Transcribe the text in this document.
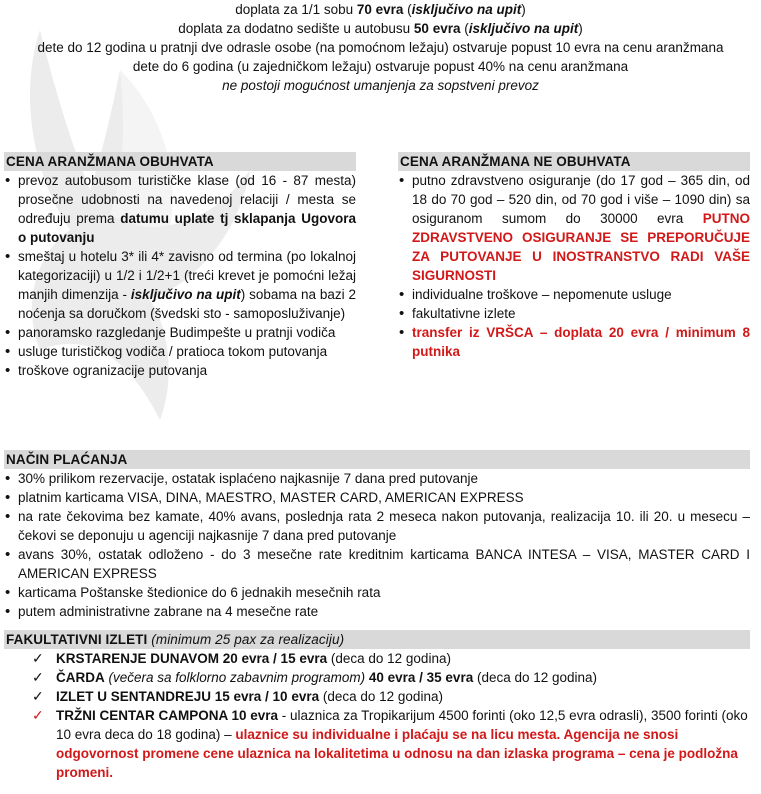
doplata za 1/1 sobu 70 evra (isključivo na upit)

doplata za dodatno sedište u autobusu 50 evra (isključivo na upit)

dete do 12 godina u pratnji dve odrasle osobe (na pomoćnom ležaju) ostvaruje popust 10 evra na cenu aranžmana

dete do 6 godina (u zajedničkom ležaju) ostvaruje popust 40% na cenu aranžmana

ne postoji mogućnost umanjenja za sopstveni prevoz

CENA ARANŽMANA OBUHVATA
• prevoz autobusom turističke klase (od 16 - 87 mesta) prosečne udobnosti na navedenoj relaciji / mesta se određuju prema datumu uplate tj sklapanja Ugovora o putovanju
• smeštaj u hotelu 3* ili 4* zavisno od termina (po lokalnoj kategorizaciji) u 1/2 i 1/2+1 (treći krevet je pomoćni ležaj manjih dimenzija - isključivo na upit) sobama na bazi 2 noćenja sa doručkom (švedski sto - samoposluživanje)
• panoramsko razgledanje Budimpešte u pratnji vodiča
• usluge turističkog vodiča / pratioca tokom putovanja
• troškove ogranizacije putovanja
CENA ARANŽMANA NE OBUHVATA
• putno zdravstveno osiguranje (do 17 god – 365 din, od 18 do 70 god – 520 din, od 70 god i više – 1090 din) sa osiguranom sumom do 30000 evra PUTNO ZDRAVSTVENO OSIGURANJE SE PREPORUČUJE ZA PUTOVANJE U INOSTRANSTVO RADI VAŠE SIGURNOSTI
• individualne troškove – nepomenute usluge
• fakultativne izlete
• transfer iz VRŠCA – doplata 20 evra / minimum 8 putnika
NAČIN PLAĆANJA
• 30% prilikom rezervacije, ostatak isplaćeno najkasnije 7 dana pred putovanje
• platnim karticama VISA, DINA, MAESTRO, MASTER CARD, AMERICAN EXPRESS
• na rate čekovima bez kamate, 40% avans, poslednja rata 2 meseca nakon putovanja, realizacija 10. ili 20. u mesecu – čekovi se deponuju u agenciji najkasnije 7 dana pred putovanje
• avans 30%, ostatak odloženo - do 3 mesečne rate kreditnim karticama BANCA INTESA – VISA, MASTER CARD I AMERICAN EXPRESS
• karticama Poštanske štedionice do 6 jednakih mesečnih rata
• putem administrativne zabrane na 4 mesečne rate
FAKULTATIVNI IZLETI (minimum 25 pax za realizaciju)
✓ KRSTARENJE DUNAVOM 20 evra / 15 evra (deca do 12 godina)
✓ ČARDA (večera sa folklorno zabavnim programom) 40 evra / 35 evra (deca do 12 godina)
✓ IZLET U SENTANDREJU 15 evra / 10 evra (deca do 12 godina)
✓ TRŽNI CENTAR CAMPONA 10 evra - ulaznica za Tropikarijum 4500 forinti (oko 12,5 evra odrasli), 3500 forinti (oko 10 evra deca do 18 godina) – ulaznice su individualne i plaćaju se na licu mesta. Agencija ne snosi odgovornost promene cene ulaznica na lokalitetima u odnosu na dan izlaska programa – cena je podložna promeni.
